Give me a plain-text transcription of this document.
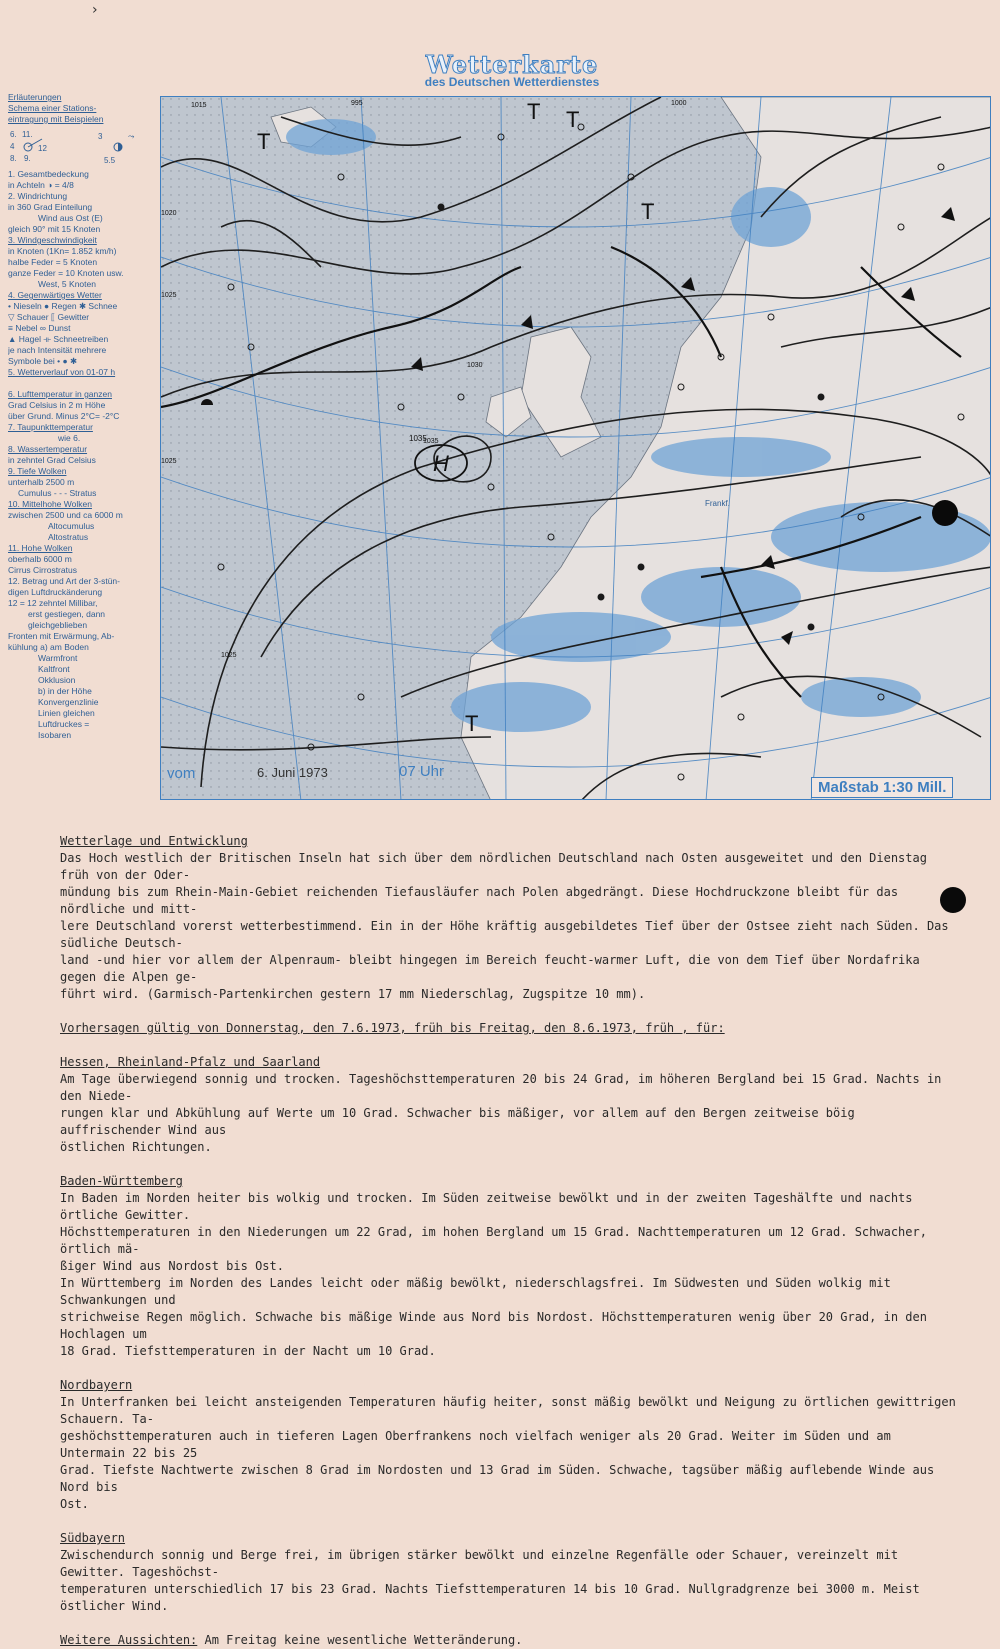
›
Wetterkarte
des Deutschen Wetterdienstes
Erläuterungen
Schema einer Stations-
eintragung mit Beispielen
6. 11.
4	12
8. 9.
3	⤳
5.5
1. Gesamtbedeckung
in Achteln ◑ = 4/8
2. Windrichtung
in 360 Grad Einteilung
Wind aus Ost (E)
gleich 90° mit 15 Knoten
3. Windgeschwindigkeit
in Knoten (1Kn= 1.852 km/h)
halbe Feder = 5 Knoten
ganze Feder = 10 Knoten usw.
West, 5 Knoten
4. Gegenwärtiges Wetter
• Nieseln ● Regen ✱ Schnee
▽ Schauer ⟦ Gewitter
≡ Nebel ∞ Dunst
▲ Hagel ⟛ Schneetreiben
je nach Intensität mehrere
Symbole bei • ● ✱
5. Wetterverlauf von 01-07 h

6. Lufttemperatur in ganzen
Grad Celsius in 2 m Höhe
über Grund. Minus 2°C= -2°C
7. Taupunkttemperatur
wie 6.
8. Wassertemperatur
in zehntel Grad Celsius
9. Tiefe Wolken
unterhalb 2500 m
Cumulus - - - Stratus
10. Mittelhohe Wolken
zwischen 2500 und ca 6000 m
Altocumulus
Altostratus
11. Hohe Wolken
oberhalb 6000 m
Cirrus Cirrostratus
12. Betrag und Art der 3-stün-
digen Luftdruckänderung
12 = 12 zehntel Millibar,
erst gestiegen, dann
gleichgeblieben
Fronten mit Erwärmung, Ab-
kühlung a) am Boden
Warmfront
Kaltfront
Okklusion
b) in der Höhe
Konvergenzlinie
Linien gleichen
Luftdruckes =
Isobaren
H
1035
T
T T
T
T
1015	995	1000
1025
1030
1035
1020
1025
1025
Frankf.
vom	6. Juni 1973	07 Uhr
Maßstab 1:30 Mill.

Wetterlage und Entwicklung

Das Hoch westlich der Britischen Inseln hat sich über dem nördlichen Deutschland nach Osten ausgeweitet und den Dienstag früh von der Oder-

mündung bis zum Rhein-Main-Gebiet reichenden Tiefausläufer nach Polen abgedrängt. Diese Hochdruckzone bleibt für das nördliche und mitt-

lere Deutschland vorerst wetterbestimmend. Ein in der Höhe kräftig ausgebildetes Tief über der Ostsee zieht nach Süden. Das südliche Deutsch-

land -und hier vor allem der Alpenraum- bleibt hingegen im Bereich feucht-warmer Luft, die von dem Tief über Nordafrika gegen die Alpen ge-

führt wird. (Garmisch-Partenkirchen gestern 17 mm Niederschlag, Zugspitze 10 mm).

Vorhersagen gültig von Donnerstag, den 7.6.1973, früh bis Freitag, den 8.6.1973, früh , für:

Hessen, Rheinland-Pfalz und Saarland

Am Tage überwiegend sonnig und trocken. Tageshöchsttemperaturen 20 bis 24 Grad, im höheren Bergland bei 15 Grad. Nachts in den Niede-

rungen klar und Abkühlung auf Werte um 10 Grad. Schwacher bis mäßiger, vor allem auf den Bergen zeitweise böig auffrischender Wind aus

östlichen Richtungen.

Baden-Württemberg

In Baden im Norden heiter bis wolkig und trocken. Im Süden zeitweise bewölkt und in der zweiten Tageshälfte und nachts örtliche Gewitter.

Höchsttemperaturen in den Niederungen um 22 Grad, im hohen Bergland um 15 Grad. Nachttemperaturen um 12 Grad. Schwacher, örtlich mä-

ßiger Wind aus Nordost bis Ost.

In Württemberg im Norden des Landes leicht oder mäßig bewölkt, niederschlagsfrei. Im Südwesten und Süden wolkig mit Schwankungen und

strichweise Regen möglich. Schwache bis mäßige Winde aus Nord bis Nordost. Höchsttemperaturen wenig über 20 Grad, in den Hochlagen um

18 Grad. Tiefsttemperaturen in der Nacht um 10 Grad.

Nordbayern

In Unterfranken bei leicht ansteigenden Temperaturen häufig heiter, sonst mäßig bewölkt und Neigung zu örtlichen gewittrigen Schauern. Ta-

geshöchsttemperaturen auch in tieferen Lagen Oberfrankens noch vielfach weniger als 20 Grad. Weiter im Süden und am Untermain 22 bis 25

Grad. Tiefste Nachtwerte zwischen 8 Grad im Nordosten und 13 Grad im Süden. Schwache, tagsüber mäßig auflebende Winde aus Nord bis

Ost.

Südbayern

Zwischendurch sonnig und Berge frei, im übrigen stärker bewölkt und einzelne Regenfälle oder Schauer, vereinzelt mit Gewitter. Tageshöchst-

temperaturen unterschiedlich 17 bis 23 Grad. Nachts Tiefsttemperaturen 14 bis 10 Grad. Nullgradgrenze bei 3000 m. Meist östlicher Wind.

Weitere Aussichten: Am Freitag keine wesentliche Wetteränderung.
